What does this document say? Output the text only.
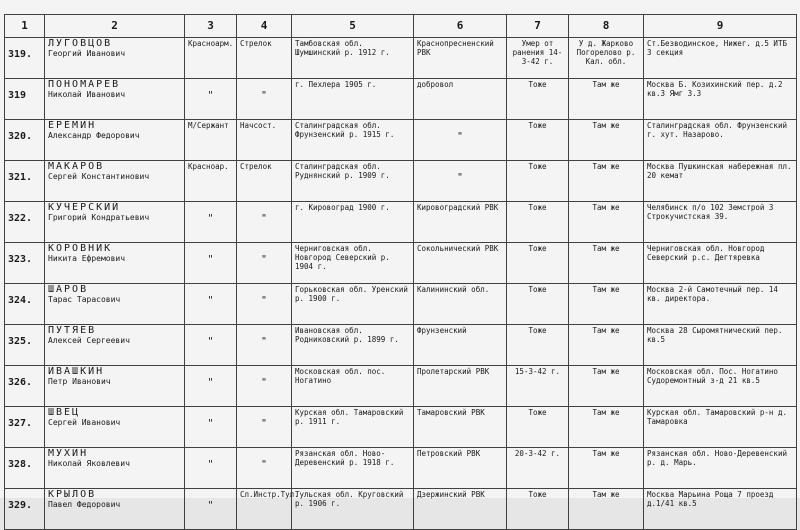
1	2	3	4	5	6	7	8	9
319.	ЛУГОВЦОВ
Георгий Иванович	Красноарм.	Стрелок	Тамбовская обл. Шумшинский р. 1912 г.	Краснопресненский РВК	Умер от ранения 14-3-42 г.	У д. Жарково Погорелово р. Кал. обл.	Ст.Безводинское, Нижег. д.5 ИТБ 3 секция
319	ПОНОМАРЕВ
Николай Иванович	"	"	г. Пехлера 1905 г.	добровол	Тоже	Там же	Москва Б. Козихинский пер. д.2 кв.3 Ямг 3.3
320.	ЕРЕМИН
Александр Федорович	М/Сержант	Начсост.	Сталинградская обл. Фрунзенский р. 1915 г.	"	Тоже	Там же	Сталинградская обл. Фрунзенский г. хут. Назарово.
321.	МАКАРОВ
Сергей Константинович	Красноар.	Стрелок	Сталинградская обл. Руднянский р. 1909 г.	"	Тоже	Там же	Москва Пушкинская набережная пл. 20 кемат
322.	КУЧЕРСКИЙ
Григорий Кондратьевич	"	"	г. Кировоград 1900 г.	Кировоградский РВК	Тоже	Там же	Челябинск п/о 102 Земстрой 3 Строкучистская 39.
323.	КОРОВНИК
Никита Ефремович	"	"	Черниговская обл. Новгород Северский р. 1904 г.	Сокольнический РВК	Тоже	Там же	Черниговская обл. Новгород Северский р.с. Дегтяревка
324.	ШАРОВ
Тарас Тарасович	"	"	Горьковская обл. Уренский р. 1900 г.	Калининский обл.	Тоже	Там же	Москва 2-й Самотечный пер. 14 кв. директора.
325.	ПУТЯЕВ
Алексей Сергеевич	"	"	Ивановская обл. Родниковский р. 1899 г.	Фрунзенский	Тоже	Там же	Москва 28 Сыромятнический пер. кв.5
326.	ИВАШКИН
Петр Иванович	"	"	Московская обл. пос. Ногатино	Пролетарский РВК	15-3-42 г.	Там же	Московская обл. Пос. Ногатино Судоремонтный з-д 21 кв.5
327.	ШВЕЦ
Сергей Иванович	"	"	Курская обл. Тамаровский р. 1911 г.	Тамаровский РВК	Тоже	Там же	Курская обл. Тамаровский р-н д. Тамаровка
328.	МУХИН
Николай Яковлевич	"	"	Рязанская обл. Ново-Деревенский р. 1918 г.	Петровский РВК	20-3-42 г.	Там же	Рязанская обл. Ново-Деревенский р. д. Марь.
329.	КРЫЛОВ
Павел Федорович	"	Сл.Инстр.Тул.	Тульская обл. Круговский р. 1906 г.	Дзержинский РВК	Тоже	Там же	Москва Марьина Роща 7 проезд д.1/41 кв.5
